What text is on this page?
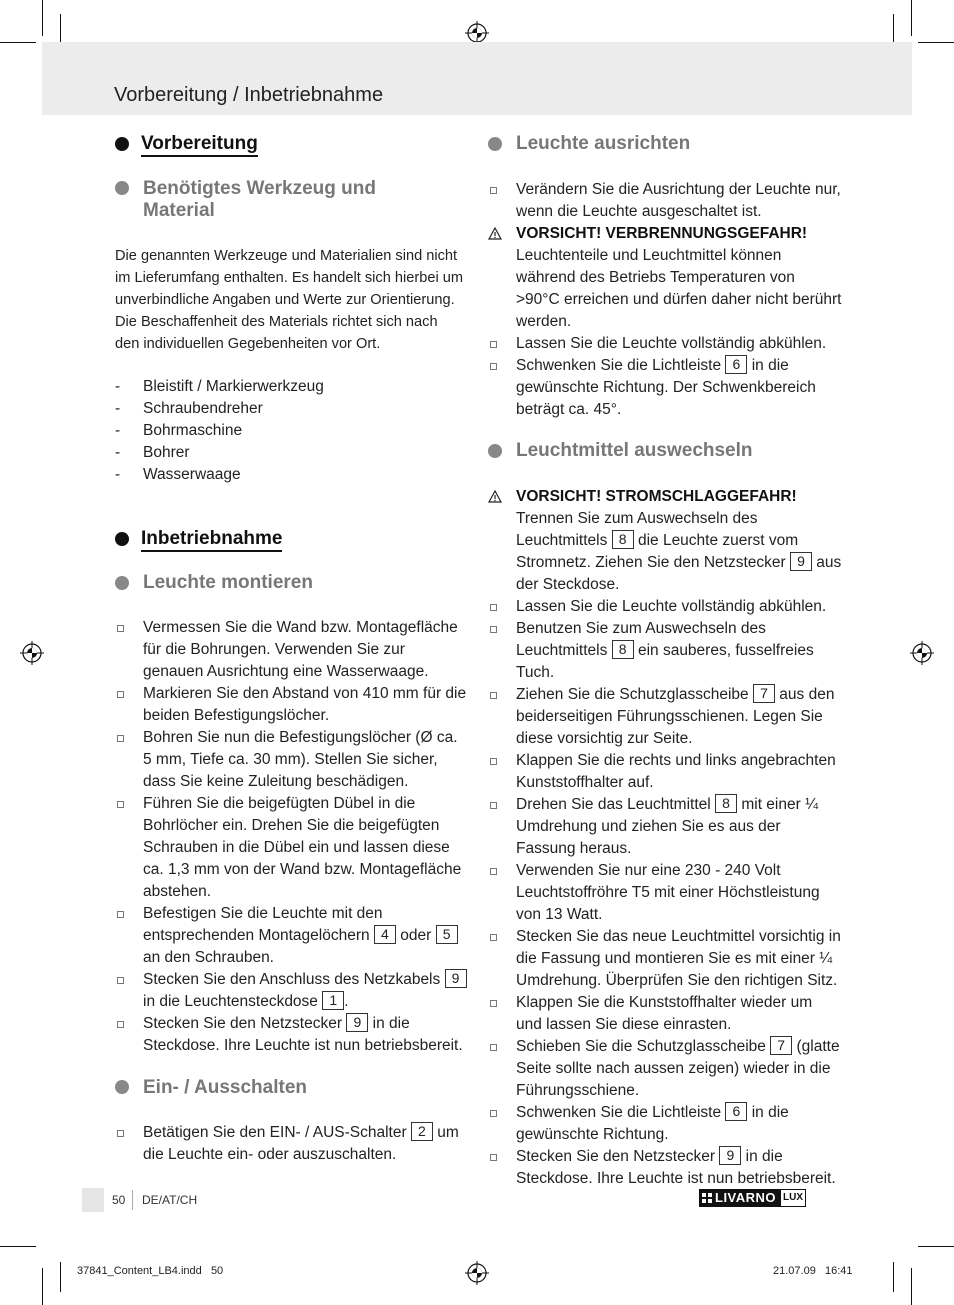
Vorbereitung / Inbetriebnahme
Vorbereitung
Benötigtes Werkzeug und Material
Die genannten Werkzeuge und Materialien sind nicht im Lieferumfang enthalten. Es handelt sich hierbei um unverbindliche Angaben und Werte zur Orientierung. Die Beschaffenheit des Materials richtet sich nach den individuellen Gegebenheiten vor Ort.
- Bleistift / Markierwerkzeug
- Schraubendreher
- Bohrmaschine
- Bohrer
- Wasserwaage
Inbetriebnahme
Leuchte montieren
Vermessen Sie die Wand bzw. Montagefläche für die Bohrungen. Verwenden Sie zur genauen Ausrichtung eine Wasserwaage.
Markieren Sie den Abstand von 410 mm für die beiden Befestigungslöcher.
Bohren Sie nun die Befestigungslöcher (Ø ca. 5 mm, Tiefe ca. 30 mm). Stellen Sie sicher, dass Sie keine Zuleitung beschädigen.
Führen Sie die beigefügten Dübel in die Bohrlöcher ein. Drehen Sie die beigefügten Schrauben in die Dübel ein und lassen diese ca. 1,3 mm von der Wand bzw. Montagefläche abstehen.
Befestigen Sie die Leuchte mit den entsprechenden Montagelöchern 4 oder 5 an den Schrauben.
Stecken Sie den Anschluss des Netzkabels 9 in die Leuchtensteckdose 1 .
Stecken Sie den Netzstecker 9 in die Steckdose. Ihre Leuchte ist nun betriebsbereit.
Ein- / Ausschalten
Betätigen Sie den EIN- / AUS-Schalter 2 um die Leuchte ein- oder auszuschalten.
Leuchte ausrichten
Verändern Sie die Ausrichtung der Leuchte nur, wenn die Leuchte ausgeschaltet ist.
VORSICHT! VERBRENNUNGSGEFAHR!
Leuchtenteile und Leuchtmittel können während des Betriebs Temperaturen von >90°C erreichen und dürfen daher nicht berührt werden.
Lassen Sie die Leuchte vollständig abkühlen.
Schwenken Sie die Lichtleiste 6 in die gewünschte Richtung. Der Schwenkbereich beträgt ca. 45°.
Leuchtmittel auswechseln
VORSICHT! STROMSCHLAGGEFAHR!
Trennen Sie zum Auswechseln des Leuchtmittels 8 die Leuchte zuerst vom Stromnetz. Ziehen Sie den Netzstecker 9 aus der Steckdose.
Lassen Sie die Leuchte vollständig abkühlen.
Benutzen Sie zum Auswechseln des Leuchtmittels 8 ein sauberes, fusselfreies Tuch.
Ziehen Sie die Schutzglasscheibe 7 aus den beiderseitigen Führungsschienen. Legen Sie diese vorsichtig zur Seite.
Klappen Sie die rechts und links angebrachten Kunststoffhalter auf.
Drehen Sie das Leuchtmittel 8 mit einer ¼ Umdrehung und ziehen Sie es aus der Fassung heraus.
Verwenden Sie nur eine 230 - 240 Volt Leuchtstoffröhre T5 mit einer Höchstleistung von 13 Watt.
Stecken Sie das neue Leuchtmittel vorsichtig in die Fassung und montieren Sie es mit einer ¼ Umdrehung. Überprüfen Sie den richtigen Sitz.
Klappen Sie die Kunststoffhalter wieder um und lassen Sie diese einrasten.
Schieben Sie die Schutzglasscheibe 7 (glatte Seite sollte nach aussen zeigen) wieder in die Führungsschiene.
Schwenken Sie die Lichtleiste 6 in die gewünschte Richtung.
Stecken Sie den Netzstecker 9 in die Steckdose. Ihre Leuchte ist nun betriebsbereit.
50 DE/AT/CH	LIVARNO LUX
37841_Content_LB4.indd   50	21.07.09   16:41
